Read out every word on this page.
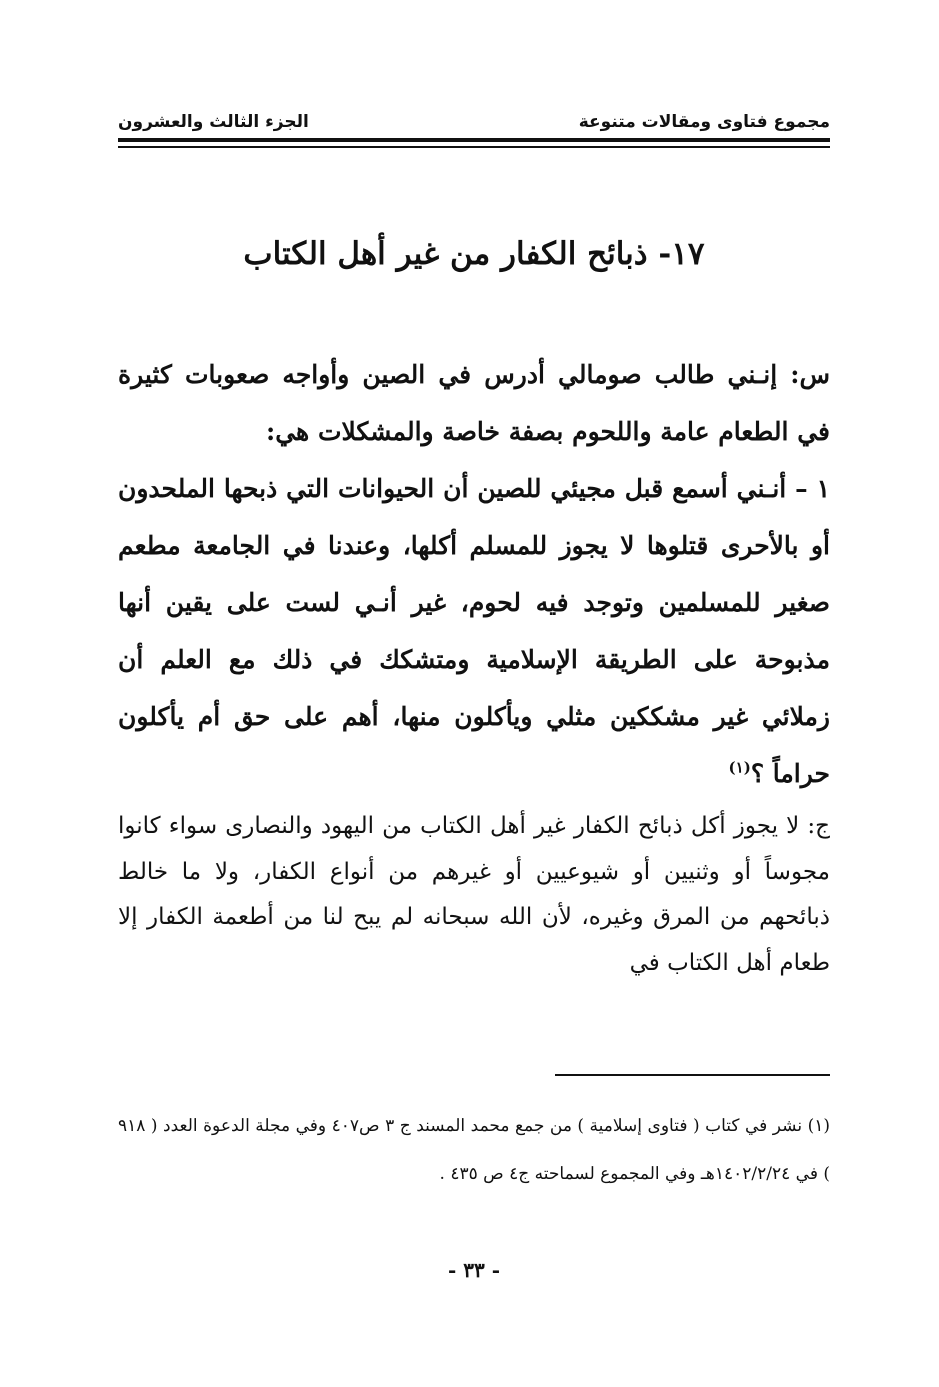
مجموع فتاوى ومقالات متنوعة
الجزء الثالث والعشرون
١٧- ذبائح الكفار من غير أهل الكتاب

س: إنـني طالب صومالي أدرس في الصين وأواجه صعوبات كثيرة في الطعام عامة واللحوم بصفة خاصة والمشكلات هي:

١ – أنـني أسمع قبل مجيئي للصين أن الحيوانات التي ذبحها الملحدون أو بالأحرى قتلوها لا يجوز للمسلم أكلها، وعندنا في الجامعة مطعم صغير للمسلمين وتوجد فيه لحوم، غير أنـي لست على يقين أنها مذبوحة على الطريقة الإسلامية ومتشكك في ذلك مع العلم أن زملائي غير مشككين مثلي ويأكلون منها، أهم على حق أم يأكلون حراماً ؟$^{(١)}$

ج: لا يجوز أكل ذبائح الكفار غير أهل الكتاب من اليهود والنصارى سواء كانوا مجوساً أو وثنيين أو شيوعيين أو غيرهم من أنواع الكفار، ولا ما خالط ذبائحهم من المرق وغيره، لأن الله سبحانه لم يبح لنا من أطعمة الكفار إلا طعام أهل الكتاب في

(١) نشر في كتاب ( فتاوى إسلامية ) من جمع محمد المسند ج ٣ ص٤٠٧ وفي مجلة الدعوة العدد ( ٩١٨ ) في ١٤٠٢/٢/٢٤هـ وفي المجموع لسماحته ج٤ ص ٤٣٥ .

- ٣٣ -
